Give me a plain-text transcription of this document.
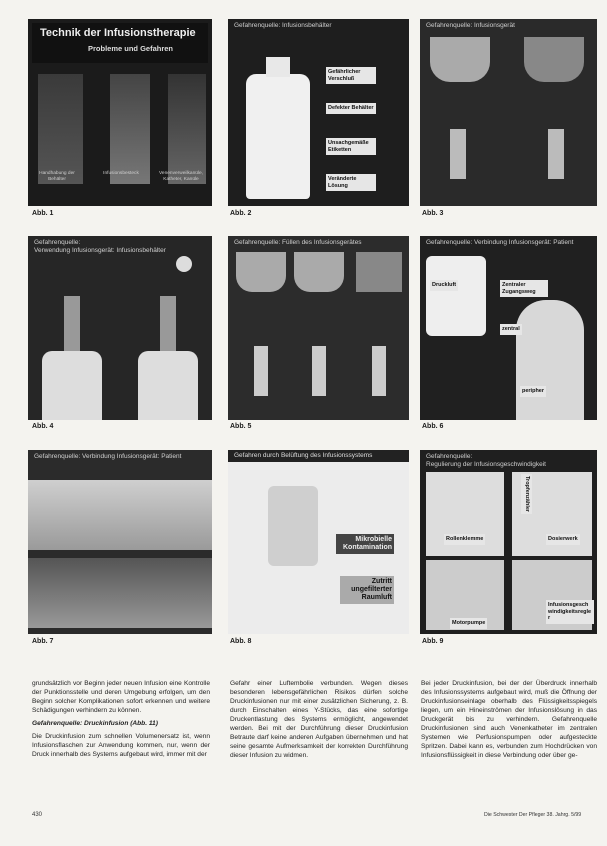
Technik der Infusionstherapie
Probleme und Gefahren
Handhabung der Behälter
Infusionsbesteck	Venenverweilkanüle, Katheter, Kanüle
Abb. 1
Gefahrenquelle: Infusionsbehälter
Gefährlicher Verschluß
Defekter Behälter
Unsachgemäße Etiketten
Veränderte Lösung
Abb. 2
Gefahrenquelle: Infusionsgerät
Abb. 3
Gefahrenquelle:
Verwendung Infusionsgerät: Infusionsbehälter
Abb. 4
Gefahrenquelle: Füllen des Infusionsgerätes
Abb. 5
Gefahrenquelle: Verbindung Infusionsgerät: Patient
Druckluft	Zentraler Zugangsweg
zentral
peripher
Abb. 6
Gefahrenquelle: Verbindung Infusionsgerät: Patient
Abb. 7
Gefahren durch Belüftung des Infusionssystems
Mikrobielle Kontamination
Zutritt ungefilterter Raumluft
Abb. 8
Gefahrenquelle:
Regulierung der Infusionsgeschwindigkeit
Tropfenzähler
Rollenklemme	Dosierwerk
Motorpumpe
Infusionsgeschwindigkeitsregler
Abb. 9

grundsätzlich vor Beginn jeder neuen Infusion eine Kontrolle der Punktionsstelle und deren Umgebung erfolgen, um den Beginn solcher Komplikationen sofort erkennen und weitere Schädigungen verhindern zu können.

Gefahrenquelle: Druckinfusion (Abb. 11)

Die Druckinfusion zum schnellen Volumenersatz ist, wenn Infusionsflaschen zur Anwendung kommen, nur, wenn der Druck innerhalb des Systems aufgebaut wird, immer mit der

Gefahr einer Luftembolie verbunden. Wegen dieses besonderen lebensgefährlichen Risikos dürfen solche Druckinfusionen nur mit einer zusätzlichen Sicherung, z. B. durch Einschalten eines Y-Stücks, das eine sofortige Druckentlastung des Systems ermöglicht, angewendet werden. Bei mit der Durchführung dieser Druckinfusion Betraute darf keine anderen Aufgaben übernehmen und hat seine gesamte Aufmerksamkeit der korrekten Durchführung dieser Infusion zu widmen.

Bei jeder Druckinfusion, bei der der Überdruck innerhalb des Infusionssystems aufgebaut wird, muß die Öffnung der Druckinfusionseinlage oberhalb des Flüssigkeitsspiegels liegen, um ein Hineinströmen der Infusionslösung in das Druckgerät bis zu verhindern. Gefahrenquelle Druckinfusionen sind auch Venenkatheter im zentralen Systemen wie Perfusionspumpen oder aufgesteckte Spritzen. Dabei kann es, verbunden zum Hochdrücken von Infusionsflüssigkeit in diese Verbindung oder über ge-

430	Die Schwester Der Pfleger 38. Jahrg. 5/99
